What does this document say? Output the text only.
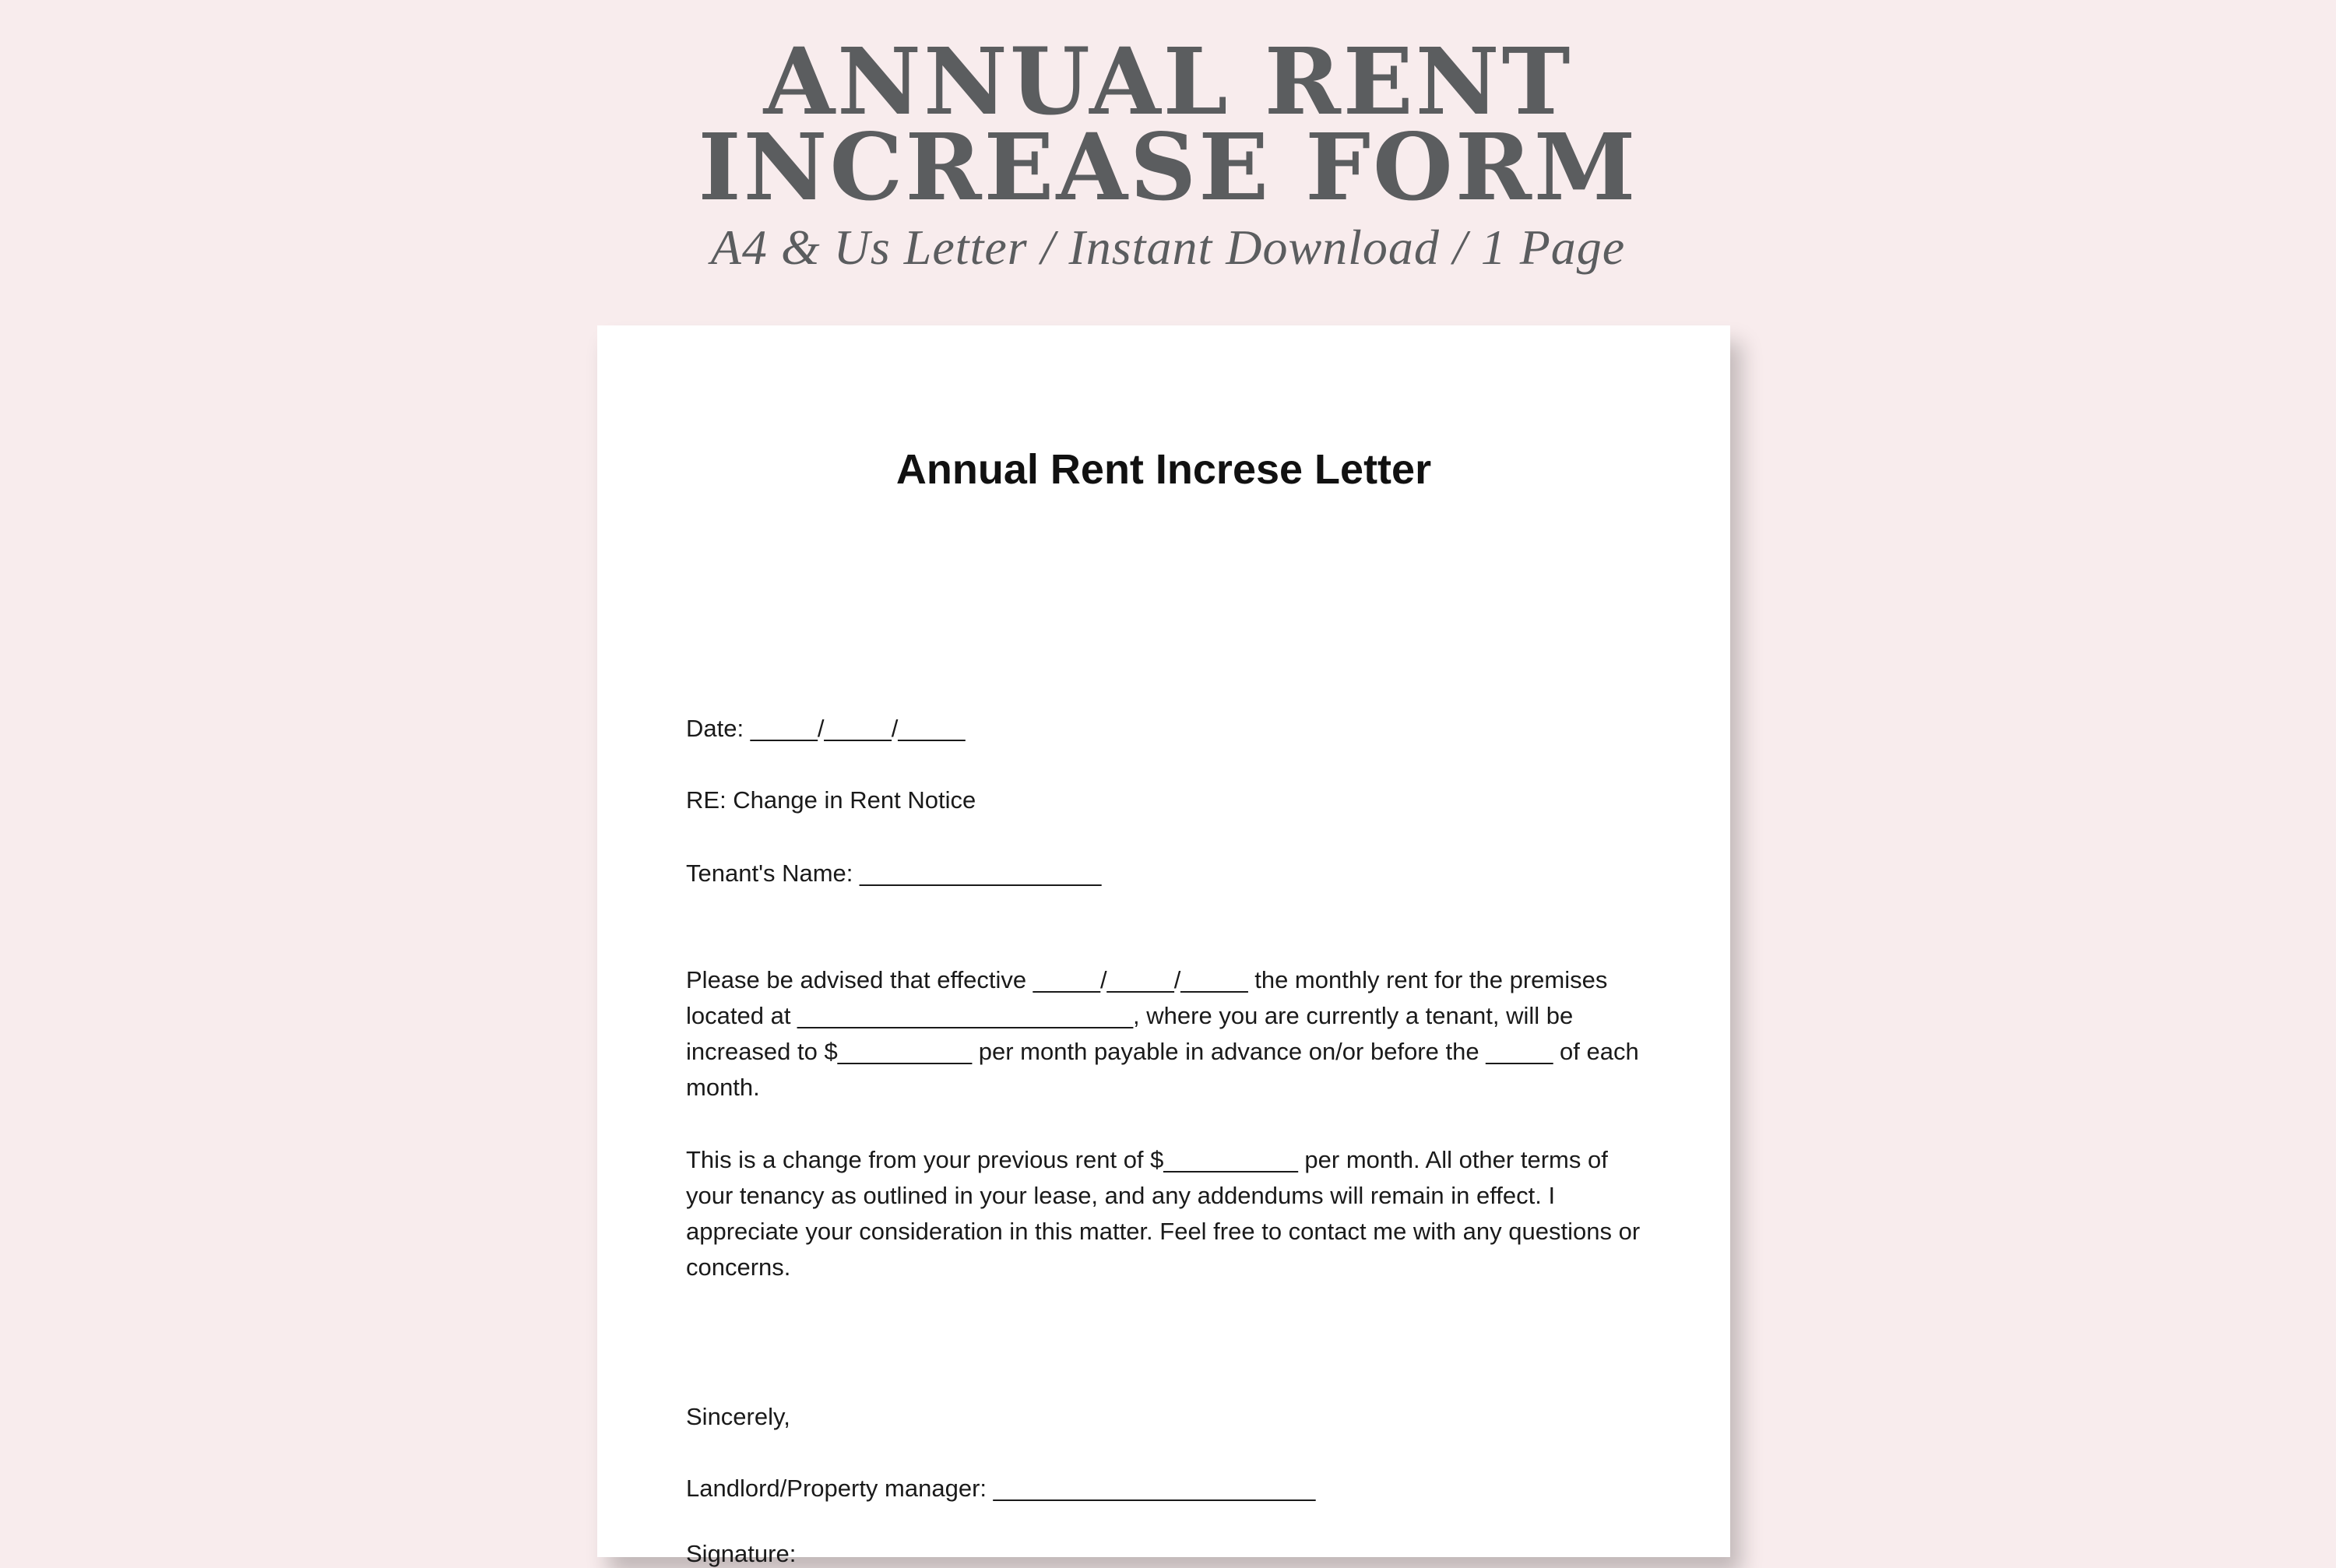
ANNUAL RENT
INCREASE FORM

A4 & Us Letter / Instant Download / 1 Page

Annual Rent Increse Letter

Date: _____/_____/_____

RE: Change in Rent Notice

Tenant's Name: __________________

Please be advised that effective _____/_____/_____ the monthly rent for the premises located at _________________________, where you are currently a tenant, will be increased to $__________ per month payable in advance on/or before the _____ of each month.

This is a change from your previous rent of $__________ per month. All other terms of your tenancy as outlined in your lease, and any addendums will remain in effect. I appreciate your consideration in this matter. Feel free to contact me with any questions or concerns.

Sincerely,

Landlord/Property manager: ________________________

Signature:
